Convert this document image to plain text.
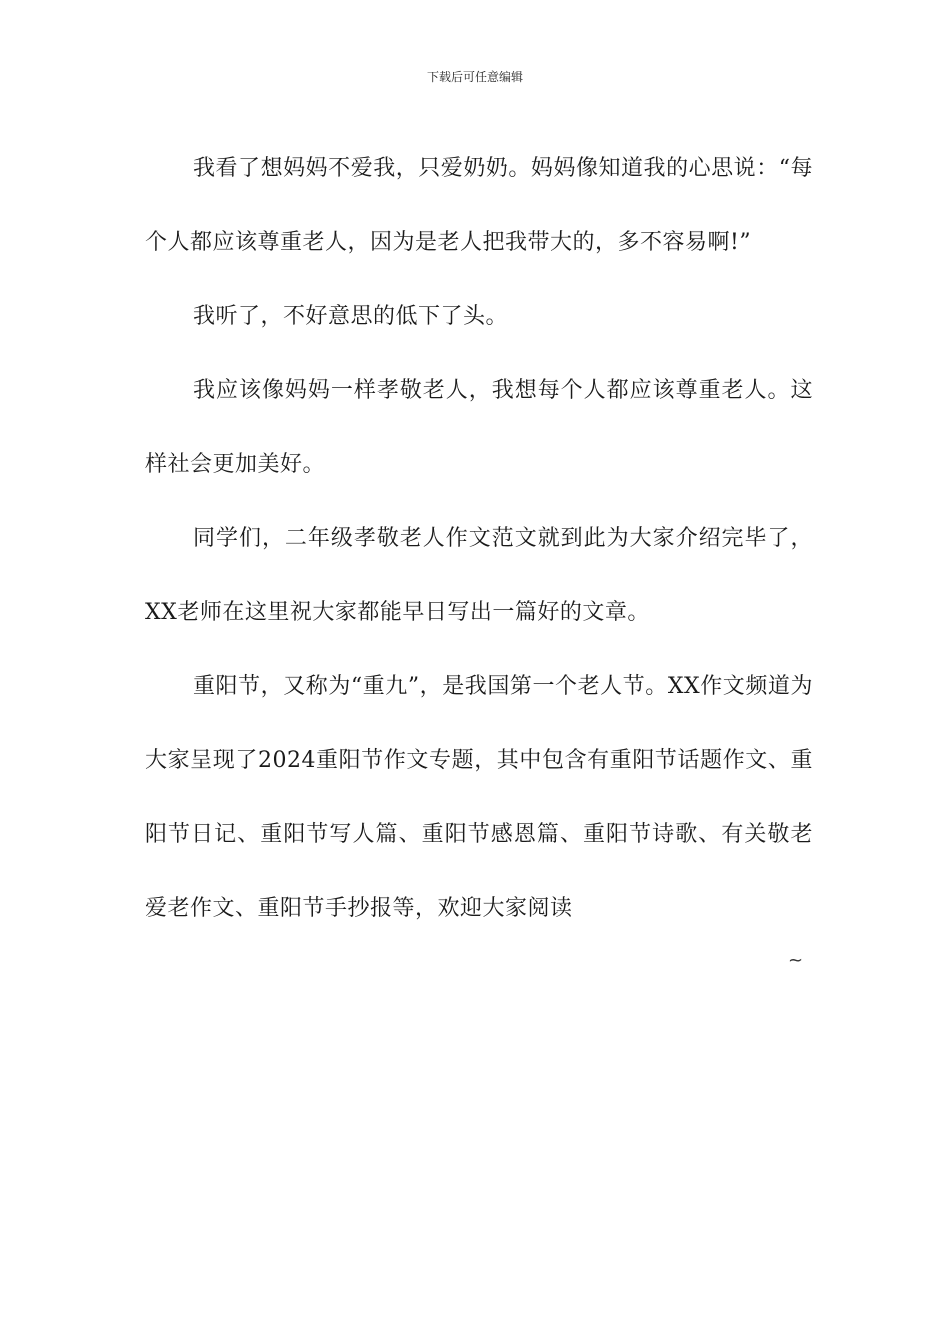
下载后可任意编辑

我看了想妈妈不爱我，只爱奶奶。妈妈像知道我的心思说：“每个人都应该尊重老人，因为是老人把我带大的，多不容易啊!”

我听了，不好意思的低下了头。

我应该像妈妈一样孝敬老人，我想每个人都应该尊重老人。这样社会更加美好。

同学们，二年级孝敬老人作文范文就到此为大家介绍完毕了，XX老师在这里祝大家都能早日写出一篇好的文章。

重阳节，又称为“重九”，是我国第一个老人节。XX作文频道为大家呈现了2024重阳节作文专题，其中包含有重阳节话题作文、重阳节日记、重阳节写人篇、重阳节感恩篇、重阳节诗歌、有关敬老爱老作文、重阳节手抄报等，欢迎大家阅读

~
